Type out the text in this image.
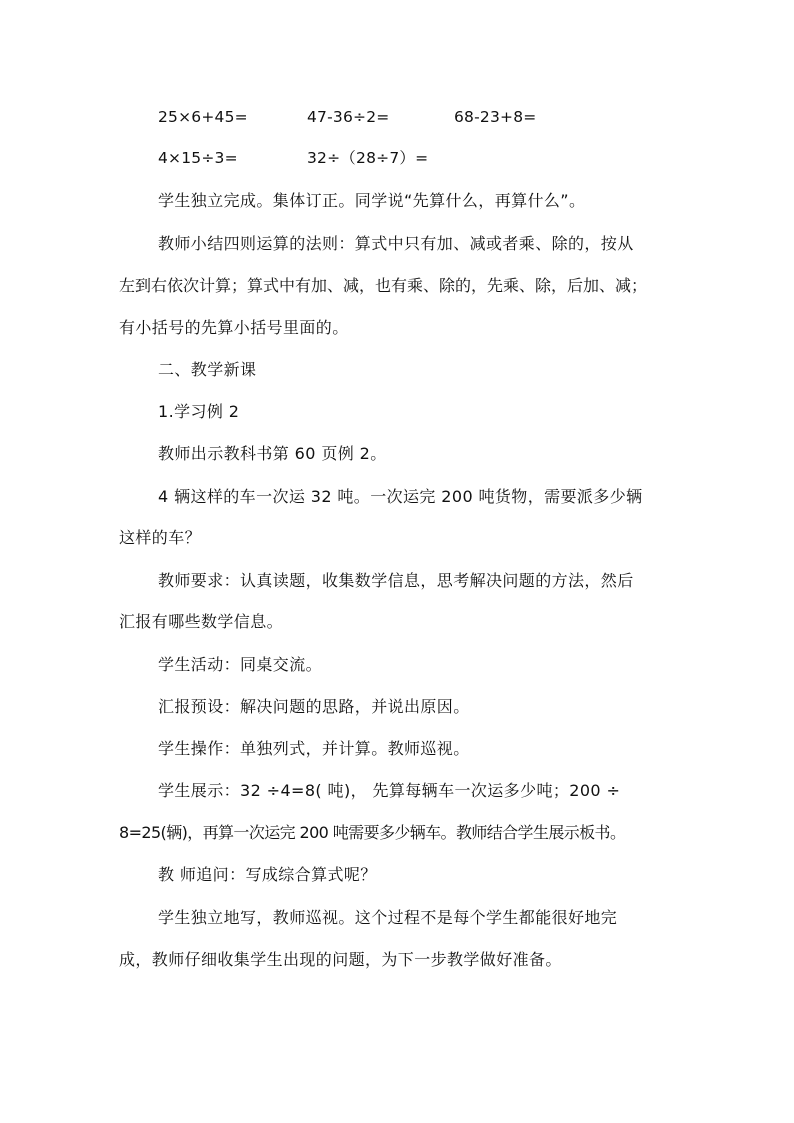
25×6+45=	47-36÷2=	68-23+8=
4×15÷3=	32÷（28÷7）=
学生独立完成。集体订正。同学说“先算什么，再算什么”。
教师小结四则运算的法则：算式中只有加、减或者乘、除的，按从
左到右依次计算；算式中有加、减，也有乘、除的，先乘、除，后加、减；
有小括号的先算小括号里面的。
二、教学新课
1.学习例 2
教师出示教科书第 60 页例 2。
4 辆这样的车一次运 32 吨。一次运完 200 吨货物，需要派多少辆
这样的车？
教师要求：认真读题，收集数学信息，思考解决问题的方法，然后
汇报有哪些数学信息。
学生活动：同桌交流。
汇报预设：解决问题的思路，并说出原因。
学生操作：单独列式，并计算。教师巡视。
学生展示：32 ÷4=8( 吨)， 先算每辆车一次运多少吨；200 ÷
8=25(辆)，再算一次运完 200 吨需要多少辆车。教师结合学生展示板书。
教 师追问：写成综合算式呢？
学生独立地写，教师巡视。这个过程不是每个学生都能很好地完
成，教师仔细收集学生出现的问题，为下一步教学做好准备。
